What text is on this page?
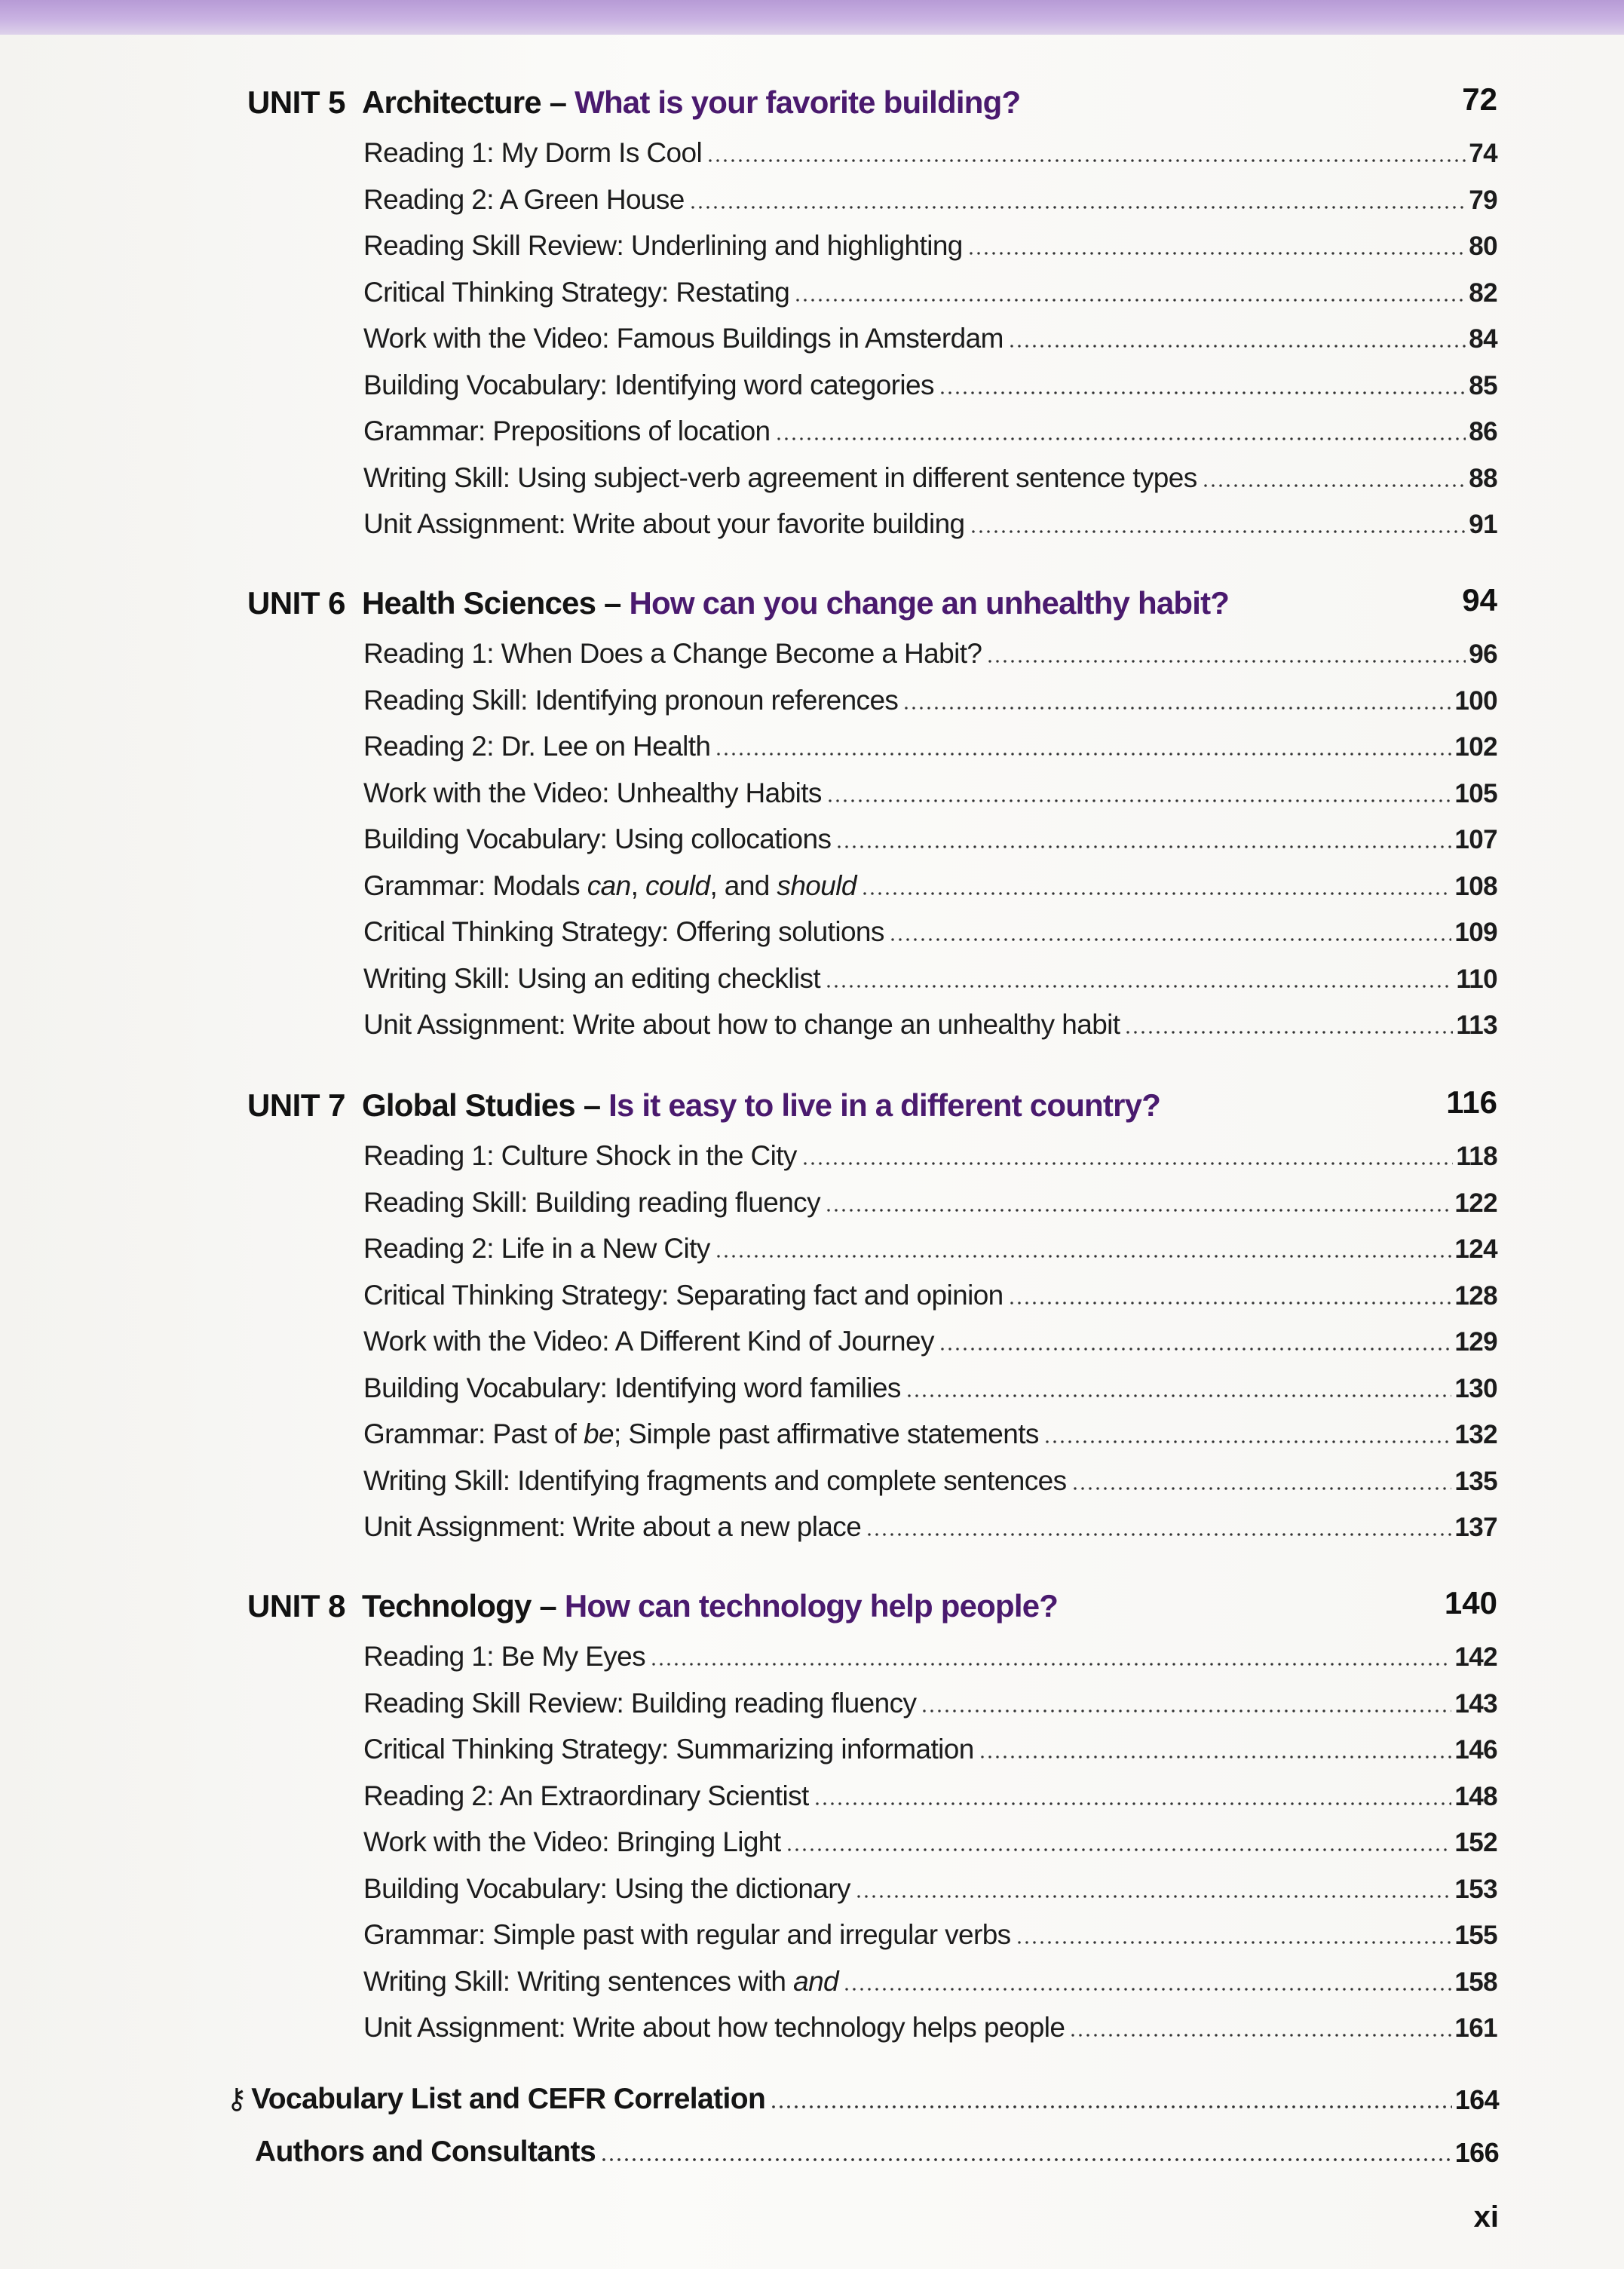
UNIT 5 Architecture – What is your favorite building?	72
Reading 1: My Dorm Is Cool	74
Reading 2: A Green House	79
Reading Skill Review: Underlining and highlighting	80
Critical Thinking Strategy: Restating	82
Work with the Video: Famous Buildings in Amsterdam	84
Building Vocabulary: Identifying word categories	85
Grammar: Prepositions of location	86
Writing Skill: Using subject-verb agreement in different sentence types	88
Unit Assignment: Write about your favorite building	91
UNIT 6 Health Sciences – How can you change an unhealthy habit?	94
Reading 1: When Does a Change Become a Habit?	96
Reading Skill: Identifying pronoun references	100
Reading 2: Dr. Lee on Health	102
Work with the Video: Unhealthy Habits	105
Building Vocabulary: Using collocations	107
Grammar: Modals can, could, and should	108
Critical Thinking Strategy: Offering solutions	109
Writing Skill: Using an editing checklist	110
Unit Assignment: Write about how to change an unhealthy habit	113
UNIT 7 Global Studies – Is it easy to live in a different country?	116
Reading 1: Culture Shock in the City	118
Reading Skill: Building reading fluency	122
Reading 2: Life in a New City	124
Critical Thinking Strategy: Separating fact and opinion	128
Work with the Video: A Different Kind of Journey	129
Building Vocabulary: Identifying word families	130
Grammar: Past of be; Simple past affirmative statements	132
Writing Skill: Identifying fragments and complete sentences	135
Unit Assignment: Write about a new place	137
UNIT 8 Technology – How can technology help people?	140
Reading 1: Be My Eyes	142
Reading Skill Review: Building reading fluency	143
Critical Thinking Strategy: Summarizing information	146
Reading 2: An Extraordinary Scientist	148
Work with the Video: Bringing Light	152
Building Vocabulary: Using the dictionary	153
Grammar: Simple past with regular and irregular verbs	155
Writing Skill: Writing sentences with and	158
Unit Assignment: Write about how technology helps people	161
⚷ Vocabulary List and CEFR Correlation	164
Authors and Consultants	166
xi
